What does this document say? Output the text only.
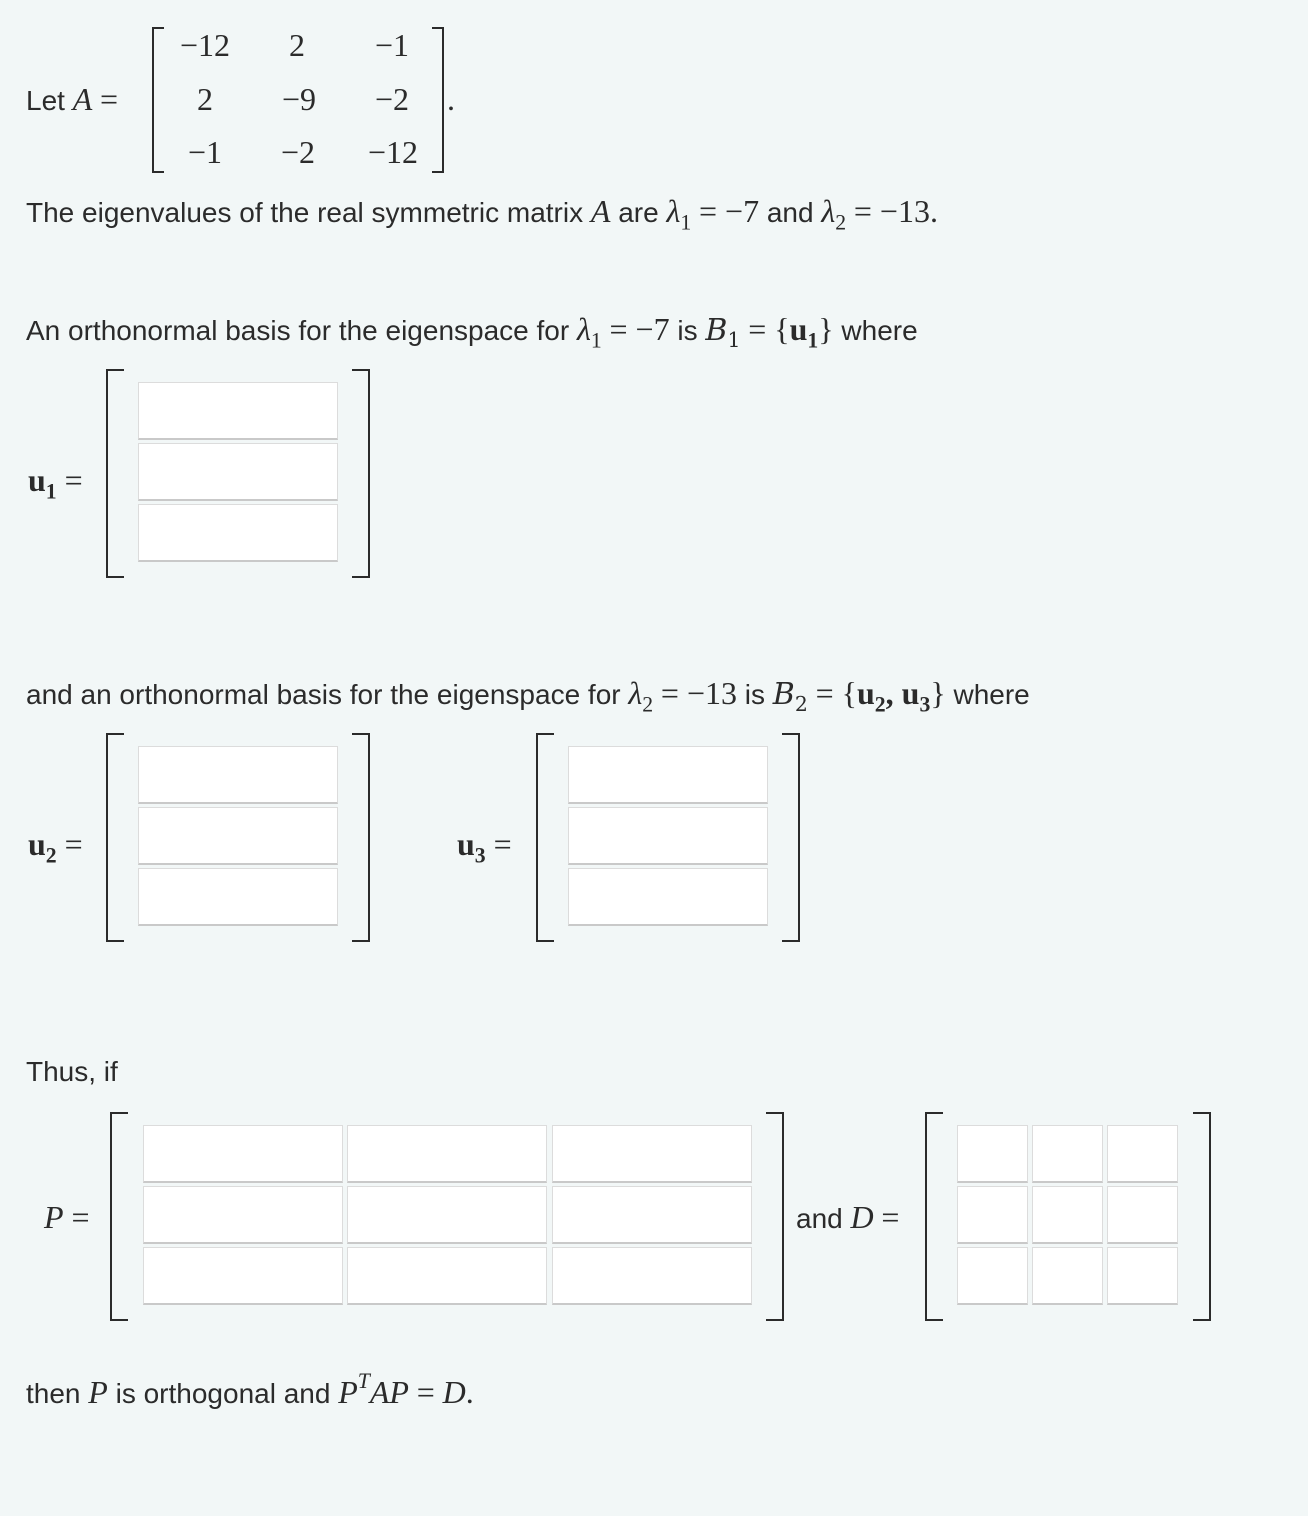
Let A =
−12	2	−1
2	−9	−2
−1	−2	−12
.
The eigenvalues of the real symmetric matrix A are $\lambda_1 = -7$ and $\lambda_2 = -13$.
An orthonormal basis for the eigenspace for $\lambda_1 = -7$ is $B_1 = \{u_1\}$ where
$u_1$ =
and an orthonormal basis for the eigenspace for $\lambda_2 = -13$ is $B_2 = \{u_2$, $u_3$} where
$u_2$ =	$u_3$ =
Thus, if
P =	and D =
then P is orthogonal and $P^TAP = D$.
